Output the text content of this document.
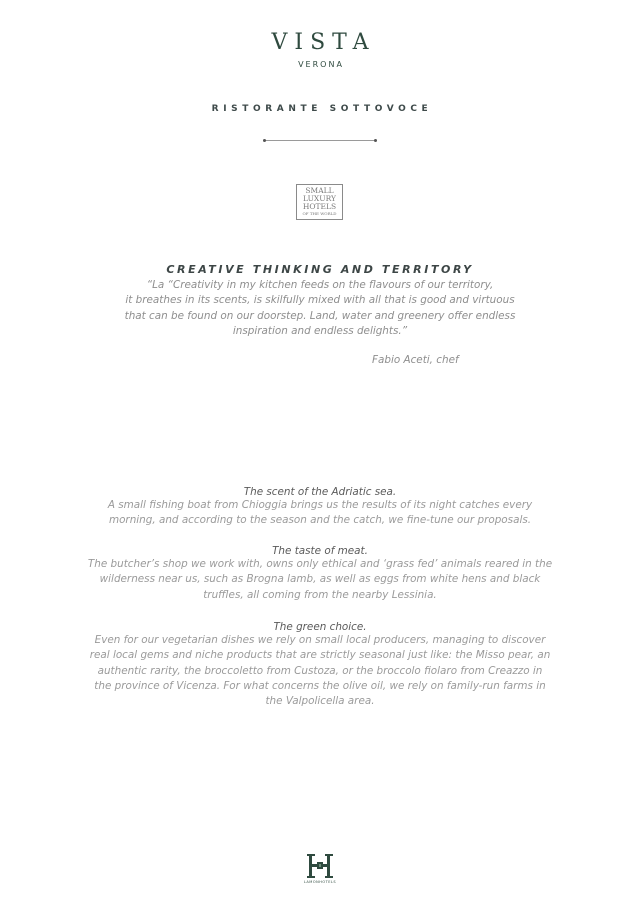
VISTA
VERONA
RISTORANTE SOTTOVOCE
SMALL
LUXURY
HOTELS
OF THE WORLD
CREATIVE THINKING AND TERRITORY
“La “Creativity in my kitchen feeds on the flavours of our territory,
it breathes in its scents, is skilfully mixed with all that is good and virtuous
that can be found on our doorstep. Land, water and greenery offer endless
inspiration and endless delights.”
Fabio Aceti, chef
The scent of the Adriatic sea.
A small fishing boat from Chioggia brings us the results of its night catches every
morning, and according to the season and the catch, we fine-tune our proposals.
The taste of meat.
The butcher’s shop we work with, owns only ethical and ‘grass fed’ animals reared in the
wilderness near us, such as Brogna lamb, as well as eggs from white hens and black
truffles, all coming from the nearby Lessinia.
The green choice.
Even for our vegetarian dishes we rely on small local producers, managing to discover
real local gems and niche products that are strictly seasonal just like: the Misso pear, an
authentic rarity, the broccoletto from Custoza, or the broccolo fiolaro from Creazzo in
the province of Vicenza. For what concerns the olive oil, we rely on family-run farms in
the Valpolicella area.
LAMONHOTELS
